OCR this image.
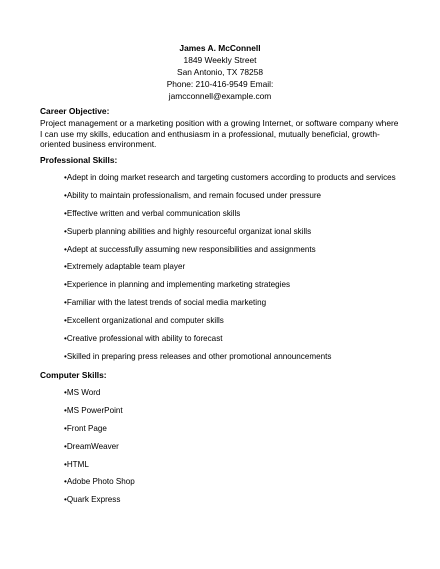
James A. McConnell
1849 Weekly Street
San Antonio, TX 78258
Phone: 210-416-9549 Email:
jamcconnell@example.com
Career Objective:
Project management or a marketing position with a growing Internet, or software company where I can use my skills, education and enthusiasm in a professional, mutually beneficial, growth-oriented business environment.
Professional Skills:
•Adept in doing market research and targeting customers according to products and services
•Ability to maintain professionalism, and remain focused under pressure
•Effective written and verbal communication skills
•Superb planning abilities and highly resourceful organizat ional skills
•Adept at successfully assuming new responsibilities and assignments
•Extremely adaptable team player
•Experience in planning and implementing marketing strategies
•Familiar with the latest trends of social media marketing
•Excellent organizational and computer skills
•Creative professional with ability to forecast
•Skilled in preparing press releases and other promotional announcements
Computer Skills:
•MS Word
•MS PowerPoint
•Front Page
•DreamWeaver
•HTML
•Adobe Photo Shop
•Quark Express
